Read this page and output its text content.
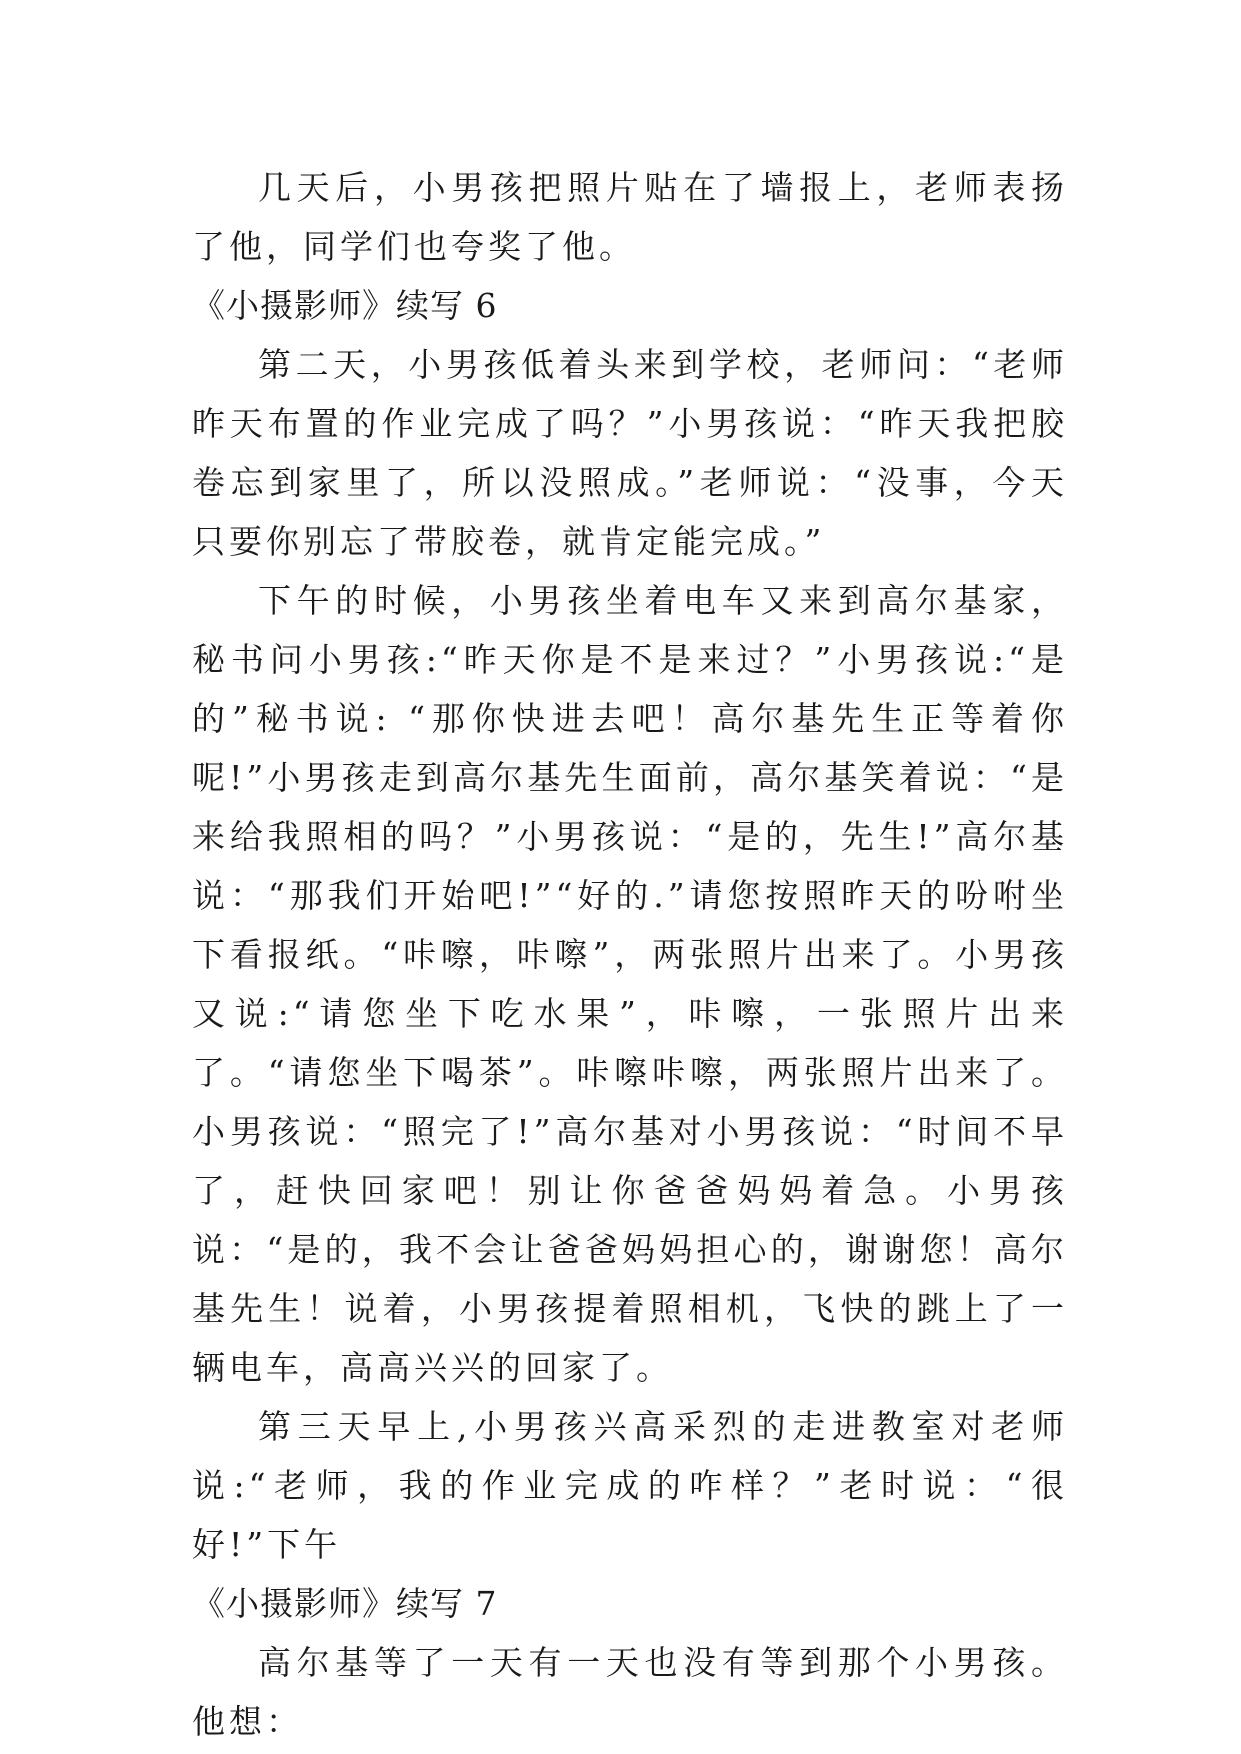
几天后，小男孩把照片贴在了墙报上，老师表扬了他，同学们也夸奖了他。

《小摄影师》续写 6

第二天，小男孩低着头来到学校，老师问：“老师昨天布置的作业完成了吗？”小男孩说：“昨天我把胶卷忘到家里了，所以没照成。”老师说：“没事，今天只要你别忘了带胶卷，就肯定能完成。”

下午的时候，小男孩坐着电车又来到高尔基家，秘书问小男孩:“昨天你是不是来过？”小男孩说:“是的”秘书说: “那你快进去吧！高尔基先生正等着你呢!”小男孩走到高尔基先生面前，高尔基笑着说：“是来给我照相的吗？”小男孩说：“是的，先生!”高尔基说：“那我们开始吧!”“好的.”请您按照昨天的吩咐坐下看报纸。“咔嚓，咔嚓”，两张照片出来了。小男孩又说:“请您坐下吃水果”，咔嚓，一张照片出来了。“请您坐下喝茶”。咔嚓咔嚓，两张照片出来了。小男孩说：“照完了!”高尔基对小男孩说：“时间不早了，赶快回家吧！别让你爸爸妈妈着急。小男孩说：“是的，我不会让爸爸妈妈担心的，谢谢您！高尔基先生！说着，小男孩提着照相机，飞快的跳上了一辆电车，高高兴兴的回家了。

第三天早上,小男孩兴高采烈的走进教室对老师说:“老师，我的作业完成的咋样？”老时说：“很好!”下午

《小摄影师》续写 7

高尔基等了一天有一天也没有等到那个小男孩。他想：
